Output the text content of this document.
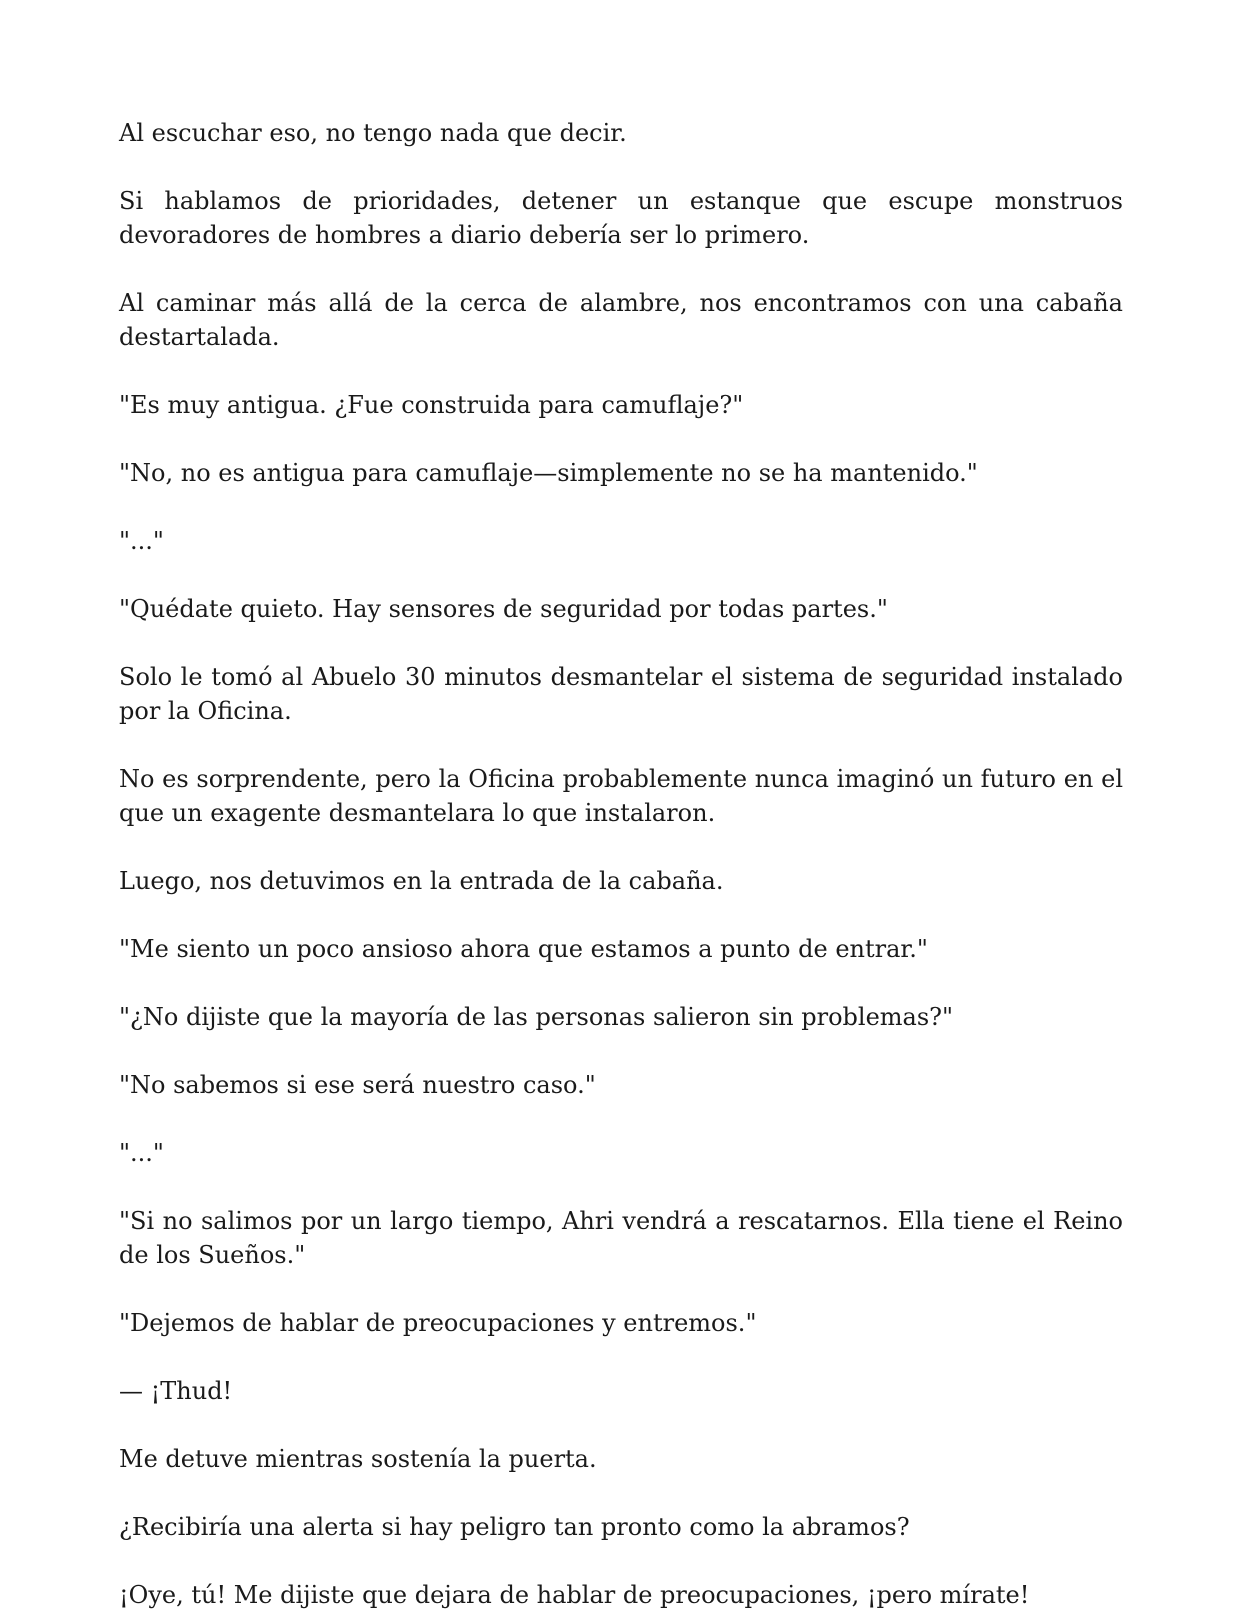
Al escuchar eso, no tengo nada que decir.

Si hablamos de prioridades, detener un estanque que escupe monstruos devoradores de hombres a diario debería ser lo primero.

Al caminar más allá de la cerca de alambre, nos encontramos con una cabaña destartalada.

"Es muy antigua. ¿Fue construida para camuflaje?"

"No, no es antigua para camuflaje—simplemente no se ha mantenido."

"..."

"Quédate quieto. Hay sensores de seguridad por todas partes."

Solo le tomó al Abuelo 30 minutos desmantelar el sistema de seguridad instalado por la Oficina.

No es sorprendente, pero la Oficina probablemente nunca imaginó un futuro en el que un exagente desmantelara lo que instalaron.

Luego, nos detuvimos en la entrada de la cabaña.

"Me siento un poco ansioso ahora que estamos a punto de entrar."

"¿No dijiste que la mayoría de las personas salieron sin problemas?"

"No sabemos si ese será nuestro caso."

"..."

"Si no salimos por un largo tiempo, Ahri vendrá a rescatarnos. Ella tiene el Reino de los Sueños."

"Dejemos de hablar de preocupaciones y entremos."

— ¡Thud!

Me detuve mientras sostenía la puerta.

¿Recibiría una alerta si hay peligro tan pronto como la abramos?

¡Oye, tú! Me dijiste que dejara de hablar de preocupaciones, ¡pero mírate!
